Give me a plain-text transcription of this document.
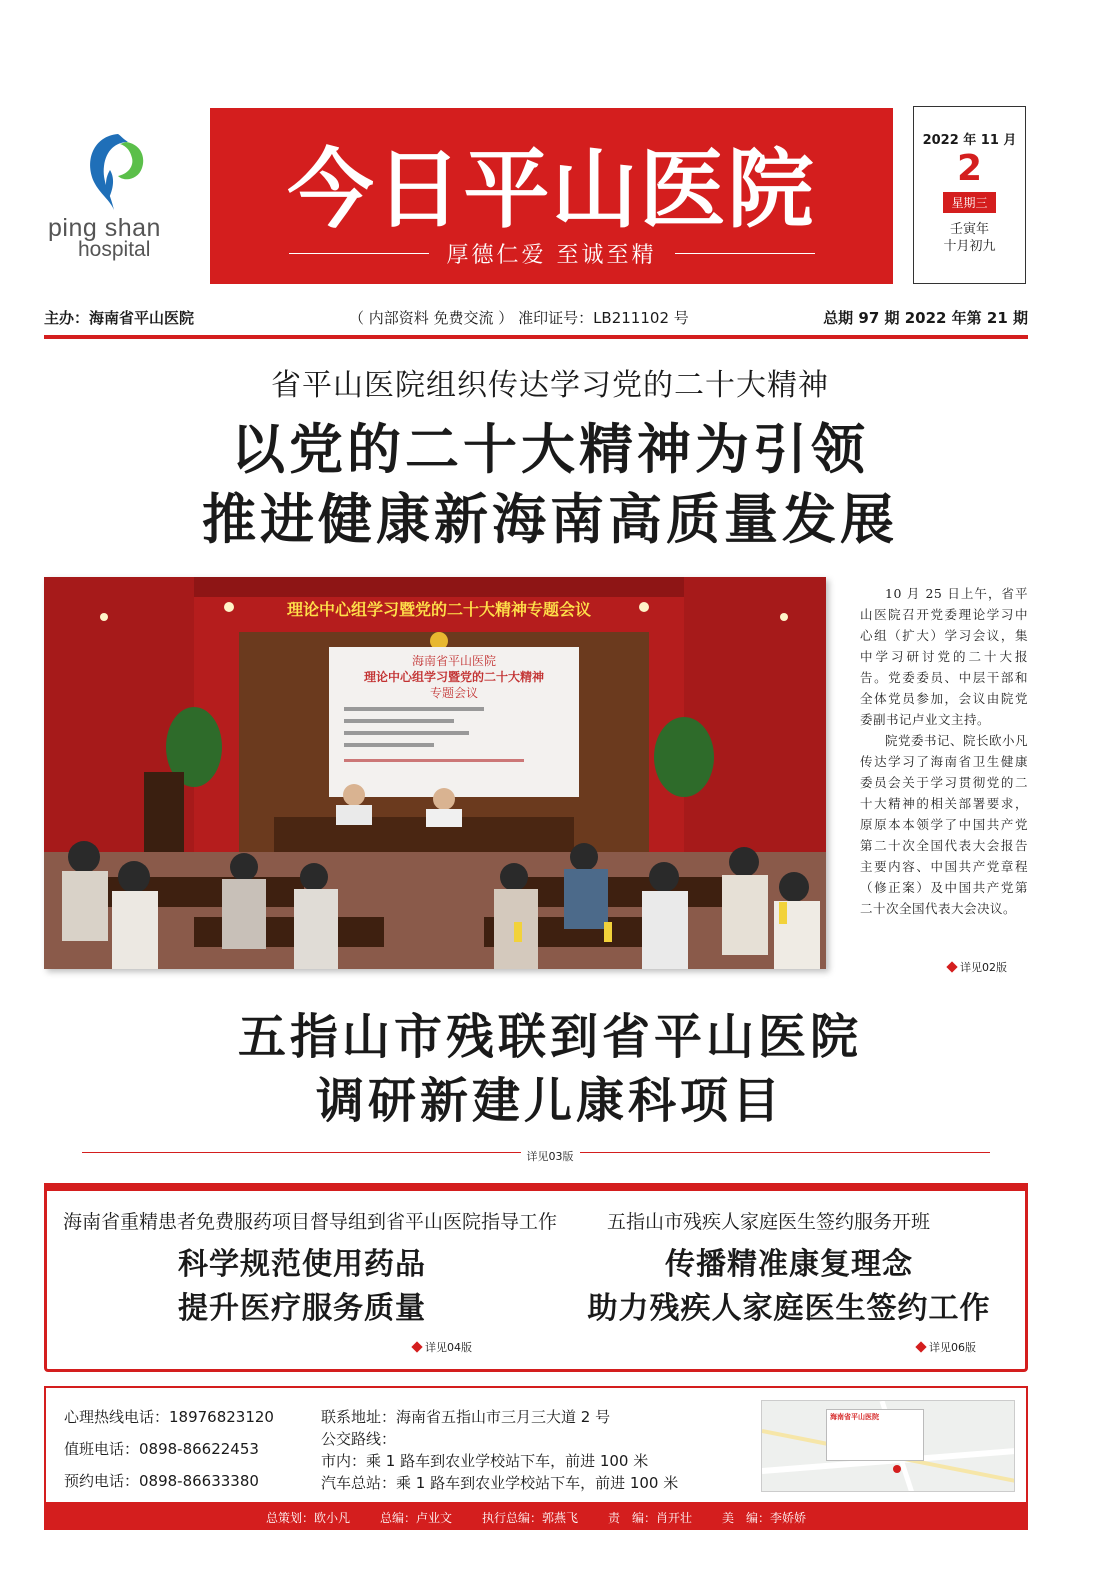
ping shan
hospital
今日平山医院
厚德仁爱 至诚至精
2022 年 11 月
2
星期三
壬寅年
十月初九
主办：海南省平山医院	（ 内部资料 免费交流 ） 准印证号：LB211102 号	总期 97 期 2022 年第 21 期
省平山医院组织传达学习党的二十大精神
以党的二十大精神为引领
推进健康新海南高质量发展
理论中心组学习暨党的二十大精神专题会议
海南省平山医院
理论中心组学习暨党的二十大精神
专题会议

10 月 25 日上午，省平山医院召开党委理论学习中心组（扩大）学习会议，集中学习研讨党的二十大报告。党委委员、中层干部和全体党员参加，会议由院党委副书记卢业文主持。

院党委书记、院长欧小凡传达学习了海南省卫生健康委员会关于学习贯彻党的二十大精神的相关部署要求，原原本本领学了中国共产党第二十次全国代表大会报告主要内容、中国共产党章程（修正案）及中国共产党第二十次全国代表大会决议。

详见02版
五指山市残联到省平山医院
调研新建儿康科项目
详见03版
海南省重精患者免费服药项目督导组到省平山医院指导工作
科学规范使用药品
提升医疗服务质量
详见04版
五指山市残疾人家庭医生签约服务开班
传播精准康复理念
助力残疾人家庭医生签约工作
详见06版
心理热线电话：18976823120
值班电话：0898-86622453
预约电话：0898-86633380
联系地址：海南省五指山市三月三大道 2 号
公交路线：
市内：乘 1 路车到农业学校站下车，前进 100 米
汽车总站：乘 1 路车到农业学校站下车，前进 100 米
海南省平山医院
总策划：欧小凡	总编：卢业文	执行总编：郭燕飞	责　编：肖开壮	美　编：李娇娇
